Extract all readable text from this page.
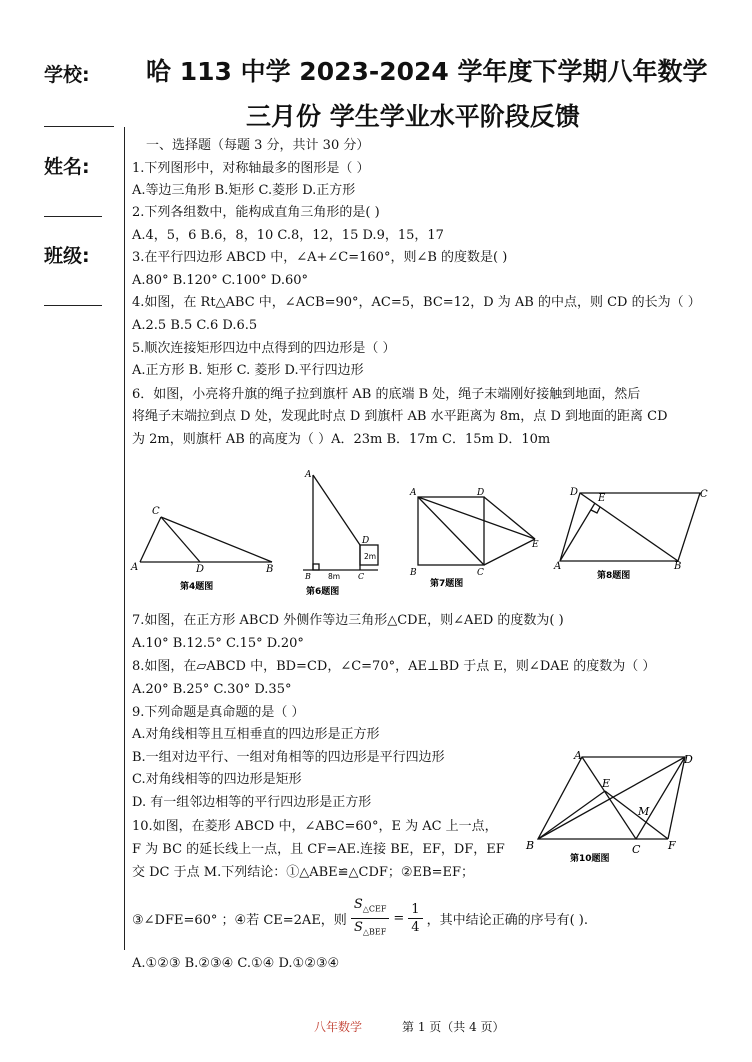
学校:
姓名:
班级:
哈 113 中学 2023-2024 学年度下学期八年数学
三月份 学生学业水平阶段反馈
一、选择题（每题 3 分，共计 30 分）
1.下列图形中，对称轴最多的图形是（ ）
A.等边三角形 B.矩形 C.菱形 D.正方形
2.下列各组数中，能构成直角三角形的是( )
A.4，5，6 B.6，8，10 C.8，12，15 D.9，15，17
3.在平行四边形 ABCD 中，∠A+∠C=160°，则∠B 的度数是( )
A.80° B.120° C.100° D.60°
4.如图，在 Rt△ABC 中，∠ACB=90°，AC=5，BC=12，D 为 AB 的中点，则 CD 的长为（ ）
A.2.5 B.5 C.6 D.6.5
5.顺次连接矩形四边中点得到的四边形是（ ）
A.正方形 B. 矩形 C. 菱形 D.平行四边形
6．如图，小亮将升旗的绳子拉到旗杆 AB 的底端 B 处，绳子末端刚好接触到地面，然后
将绳子末端拉到点 D 处，发现此时点 D 到旗杆 AB 水平距离为 8m，点 D 到地面的距离 CD
为 2m，则旗杆 AB 的高度为（ ）A．23m B．17m C．15m D．10m
C
A	D	B
第4题图
A
D
2m
B 8m C
第6题图
A	D
E
B	C
第7题图
D
E	C
A	B
第8题图
7.如图，在正方形 ABCD 外侧作等边三角形△CDE，则∠AED 的度数为( )
A.10° B.12.5° C.15° D.20°
8.如图，在▱ABCD 中，BD=CD，∠C=70°，AE⊥BD 于点 E，则∠DAE 的度数为（ ）
A.20° B.25° C.30° D.35°
9.下列命题是真命题的是（ ）
A.对角线相等且互相垂直的四边形是正方形
B.一组对边平行、一组对角相等的四边形是平行四边形
C.对角线相等的四边形是矩形
D. 有一组邻边相等的平行四边形是正方形
10.如图，在菱形 ABCD 中，∠ABC=60°，E 为 AC 上一点，
F 为 BC 的延长线上一点，且 CF=AE.连接 BE，EF，DF，EF
交 DC 于点 M.下列结论：①△ABE≌△CDF；②EB=EF；
A	D
E
M
B	C	F
第10题图
③∠DFE=60° ；④若 CE=2AE，则
$S_{\triangle CEF}$
$S_{\triangle BEF}$
= $\frac{1}{4}$ ，其中结论正确的序号有( ).
A.①②③ B.②③④ C.①④ D.①②③④
八年数学	第 1 页（共 4 页）
